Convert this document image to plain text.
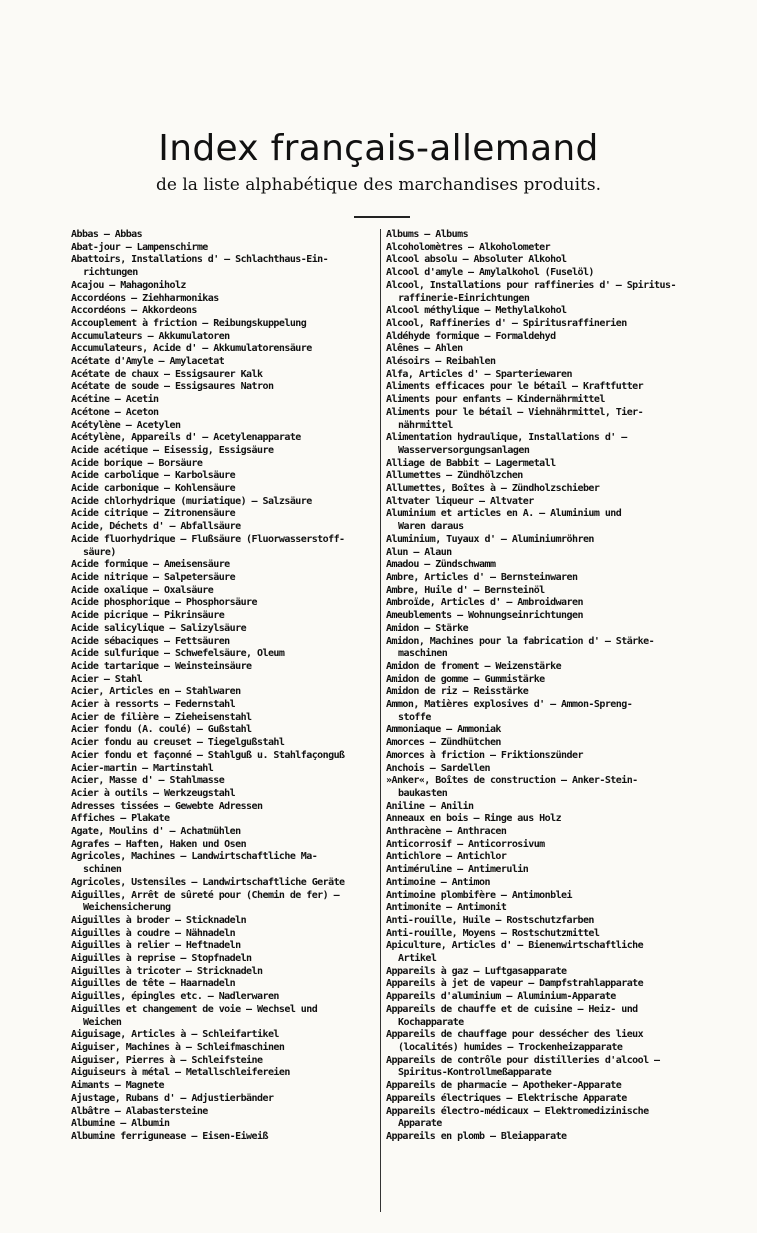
Index français-allemand

de la liste alphabétique des marchandises produits.

Abbas — Abbas
Abat-jour — Lampenschirme
Abattoirs, Installations d' — Schlachthaus-Ein-
richtungen
Acajou — Mahagoniholz
Accordéons — Ziehharmonikas
Accordéons — Akkordeons
Accouplement à friction — Reibungskuppelung
Accumulateurs — Akkumulatoren
Accumulateurs, Acide d' — Akkumulatorensäure
Acétate d'Amyle — Amylacetat
Acétate de chaux — Essigsaurer Kalk
Acétate de soude — Essigsaures Natron
Acétine — Acetin
Acétone — Aceton
Acétylène — Acetylen
Acétylène, Appareils d' — Acetylenapparate
Acide acétique — Eisessig, Essigsäure
Acide borique — Borsäure
Acide carbolique — Karbolsäure
Acide carbonique — Kohlensäure
Acide chlorhydrique (muriatique) — Salzsäure
Acide citrique — Zitronensäure
Acide, Déchets d' — Abfallsäure
Acide fluorhydrique — Flußsäure (Fluorwasserstoff-
säure)
Acide formique — Ameisensäure
Acide nitrique — Salpetersäure
Acide oxalique — Oxalsäure
Acide phosphorique — Phosphorsäure
Acide picrique — Pikrinsäure
Acide salicylique — Salizylsäure
Acide sébaciques — Fettsäuren
Acide sulfurique — Schwefelsäure, Oleum
Acide tartarique — Weinsteinsäure
Acier — Stahl
Acier, Articles en — Stahlwaren
Acier à ressorts — Federnstahl
Acier de filière — Zieheisenstahl
Acier fondu (A. coulé) — Gußstahl
Acier fondu au creuset — Tiegelgußstahl
Acier fondu et façonné — Stahlguß u. Stahlfaçonguß
Acier-martin — Martinstahl
Acier, Masse d' — Stahlmasse
Acier à outils — Werkzeugstahl
Adresses tissées — Gewebte Adressen
Affiches — Plakate
Agate, Moulins d' — Achatmühlen
Agrafes — Haften, Haken und Ösen
Agricoles, Machines — Landwirtschaftliche Ma-
schinen
Agricoles, Ustensiles — Landwirtschaftliche Geräte
Aiguilles, Arrêt de sûreté pour (Chemin de fer) —
Weichensicherung
Aiguilles à broder — Sticknadeln
Aiguilles à coudre — Nähnadeln
Aiguilles à relier — Heftnadeln
Aiguilles à reprise — Stopfnadeln
Aiguilles à tricoter — Stricknadeln
Aiguilles de tête — Haarnadeln
Aiguilles, épingles etc. — Nadlerwaren
Aiguilles et changement de voie — Wechsel und
Weichen
Aiguisage, Articles à — Schleifartikel
Aiguiser, Machines à — Schleifmaschinen
Aiguiser, Pierres à — Schleifsteine
Aiguiseurs à métal — Metallschleifereien
Aimants — Magnete
Ajustage, Rubans d' — Adjustierbänder
Albâtre — Alabastersteine
Albumine — Albumin
Albumine ferrigunease — Eisen-Eiweiß
Albums — Albums
Alcoholomètres — Alkoholometer
Alcool absolu — Absoluter Alkohol
Alcool d'amyle — Amylalkohol (Fuselöl)
Alcool, Installations pour raffineries d' — Spiritus-
raffinerie-Einrichtungen
Alcool méthylique — Methylalkohol
Alcool, Raffineries d' — Spiritusraffinerien
Aldéhyde formique — Formaldehyd
Alênes — Ahlen
Alésoirs — Reibahlen
Alfa, Articles d' — Sparteriewaren
Aliments efficaces pour le bétail — Kraftfutter
Aliments pour enfants — Kindernährmittel
Aliments pour le bétail — Viehnährmittel, Tier-
nährmittel
Alimentation hydraulique, Installations d' —
Wasserversorgungsanlagen
Alliage de Babbit — Lagermetall
Allumettes — Zündhölzchen
Allumettes, Boîtes à — Zündholzschieber
Altvater liqueur — Altvater
Aluminium et articles en A. — Aluminium und
Waren daraus
Aluminium, Tuyaux d' — Aluminiumröhren
Alun — Alaun
Amadou — Zündschwamm
Ambre, Articles d' — Bernsteinwaren
Ambre, Huile d' — Bernsteinöl
Ambroïde, Articles d' — Ambroidwaren
Ameublements — Wohnungseinrichtungen
Amidon — Stärke
Amidon, Machines pour la fabrication d' — Stärke-
maschinen
Amidon de froment — Weizenstärke
Amidon de gomme — Gummistärke
Amidon de riz — Reisstärke
Ammon, Matières explosives d' — Ammon-Spreng-
stoffe
Ammoniaque — Ammoniak
Amorces — Zündhütchen
Amorces à friction — Friktionszünder
Anchois — Sardellen
»Anker«, Boîtes de construction — Anker-Stein-
baukasten
Aniline — Anilin
Anneaux en bois — Ringe aus Holz
Anthracène — Anthracen
Anticorrosif — Anticorrosivum
Antichlore — Antichlor
Antiméruline — Antimerulin
Antimoine — Antimon
Antimoine plombifère — Antimonblei
Antimonite — Antimonit
Anti-rouille, Huile — Rostschutzfarben
Anti-rouille, Moyens — Rostschutzmittel
Apiculture, Articles d' — Bienenwirtschaftliche
Artikel
Appareils à gaz — Luftgasapparate
Appareils à jet de vapeur — Dampfstrahlapparate
Appareils d'aluminium — Aluminium-Apparate
Appareils de chauffe et de cuisine — Heiz- und
Kochapparate
Appareils de chauffage pour dessécher des lieux
(localités) humides — Trockenheizapparate
Appareils de contrôle pour distilleries d'alcool —
Spiritus-Kontrollmeßapparate
Appareils de pharmacie — Apotheker-Apparate
Appareils électriques — Elektrische Apparate
Appareils électro-médicaux — Elektromedizinische
Apparate
Appareils en plomb — Bleiapparate
